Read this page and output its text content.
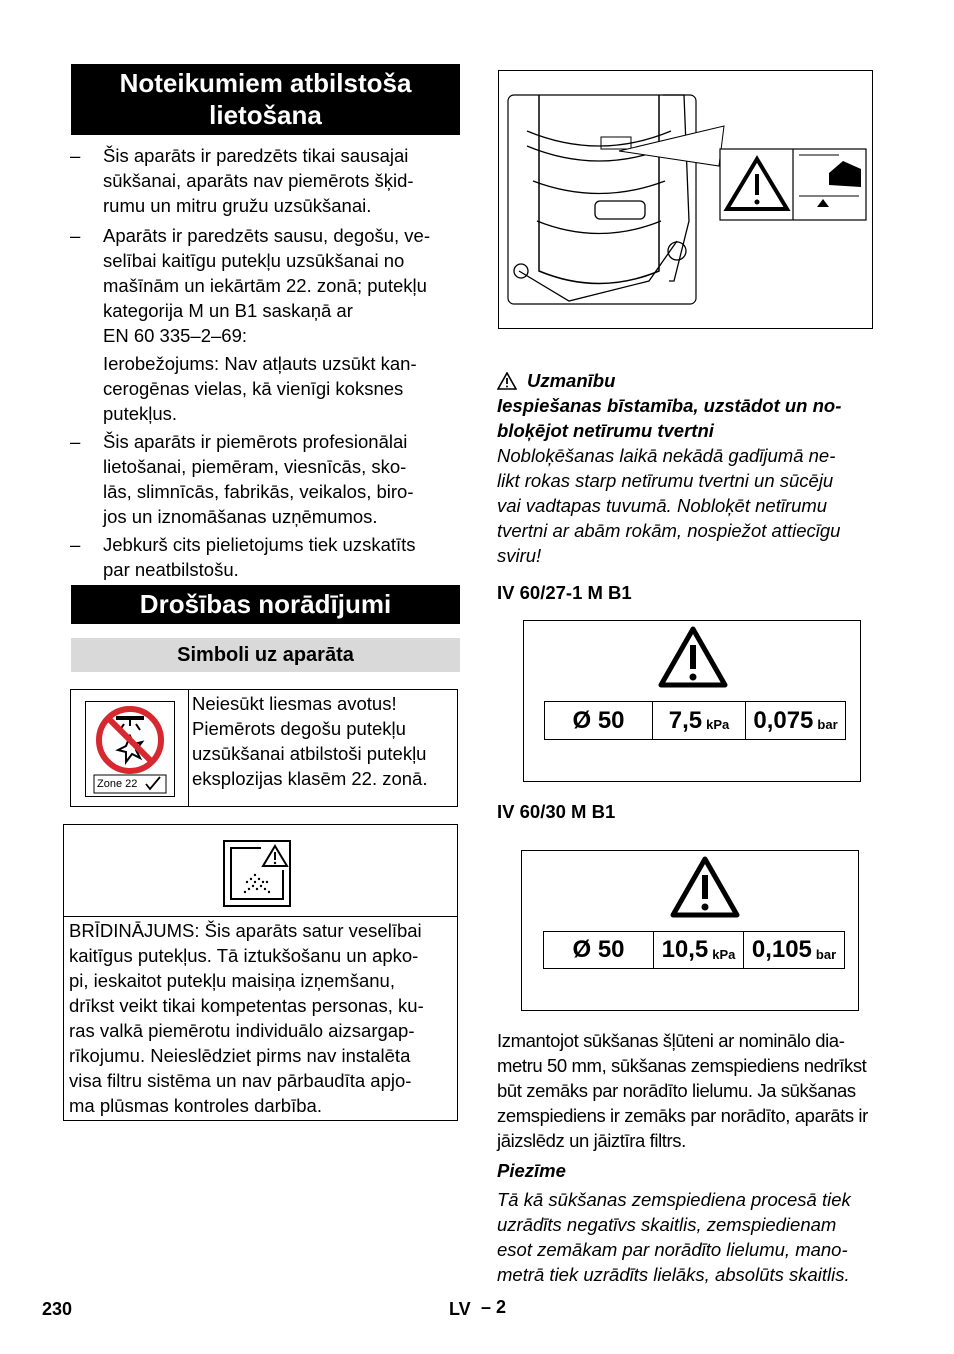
Noteikumiem atbilstoša
lietošana
– Šis aparāts ir paredzēts tikai sausajai

sūkšanai, aparāts nav piemērots šķid-

rumu un mitru gružu uzsūkšanai.

– Aparāts ir paredzēts sausu, degošu, ve-

selībai kaitīgu putekļu uzsūkšanai no

mašīnām un iekārtām 22. zonā; putekļu

kategorija M un B1 saskaņā ar

EN 60 335–2–69:

Ierobežojums: Nav atļauts uzsūkt kan-

cerogēnas vielas, kā vienīgi koksnes

putekļus.

– Šis aparāts ir piemērots profesionālai

lietošanai, piemēram, viesnīcās, sko-

lās, slimnīcās, fabrikās, veikalos, biro-

jos un iznomāšanas uzņēmumos.

– Jebkurš cits pielietojums tiek uzskatīts

par neatbilstošu.

Drošības norādījumi
Simboli uz aparāta
Zone 22
Neiesūkt liesmas avotus!
Piemērots degošu putekļu
uzsūkšanai atbilstoši putekļu
eksplozijas klasēm 22. zonā.
BRĪDINĀJUMS: Šis aparāts satur veselībai
kaitīgus putekļus. Tā iztukšošanu un apko-
pi, ieskaitot putekļu maisiņa izņemšanu,
drīkst veikt tikai kompetentas personas, ku-
ras valkā piemērotu individuālo aizsargap-
rīkojumu. Neieslēdziet pirms nav instalēta
visa filtru sistēma un nav pārbaudīta apjo-
ma plūsmas kontroles darbība.
Uzmanību
Iespiešanas bīstamība, uzstādot un no-
bloķējot netīrumu tvertni
Nobloķēšanas laikā nekādā gadījumā ne-
likt rokas starp netīrumu tvertni un sūcēju
vai vadtapas tuvumā. Nobloķēt netīrumu
tvertni ar abām rokām, nospiežot attiecīgu
sviru!
IV 60/27-1 M B1
Ø 50 7,5 kPa 0,075 bar
IV 60/30 M B1
Ø 50 10,5 kPa 0,105 bar
Izmantojot sūkšanas šļūteni ar nominālo dia-
metru 50 mm, sūkšanas zemspiediens nedrīkst
būt zemāks par norādīto lielumu. Ja sūkšanas
zemspiediens ir zemāks par norādīto, aparāts ir
jāizslēdz un jāiztīra filtrs.
Piezīme
Tā kā sūkšanas zemspiediena procesā tiek
uzrādīts negatīvs skaitlis, zemspiedienam
esot zemākam par norādīto lielumu, mano-
metrā tiek uzrādīts lielāks, absolūts skaitlis.
230	LV – 2
